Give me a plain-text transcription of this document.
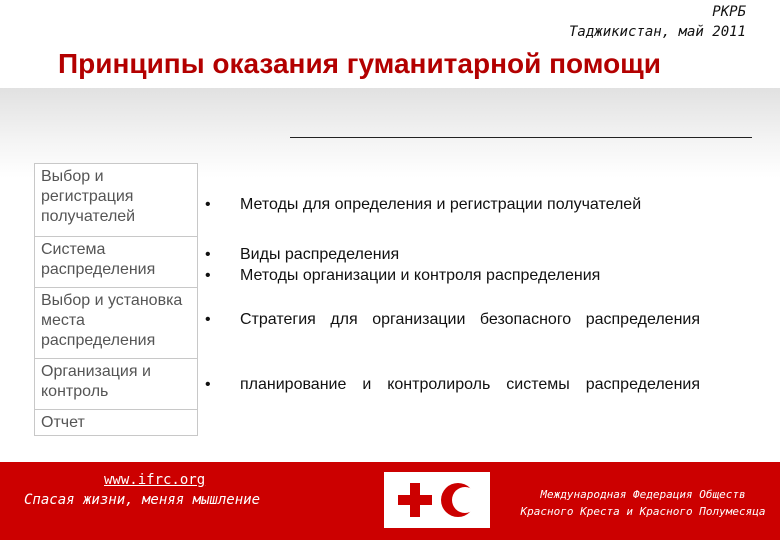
РКРБ
Таджикистан, май 2011
Принципы оказания гуманитарной помощи
Выбор и регистрация получателей
Система распределения
Выбор и установка места распределения
Организация и контроль
Отчет
• Методы для определения и регистрации получателей
• Виды распределения
• Методы организации и контроля распределения
• Стратегия для организации безопасного распределения
• планирование и контролироль системы распределения
www.ifrc.org
Спасая жизни, меняя мышление	Международная Федерация Обществ
Красного Креста и Красного Полумесяца
